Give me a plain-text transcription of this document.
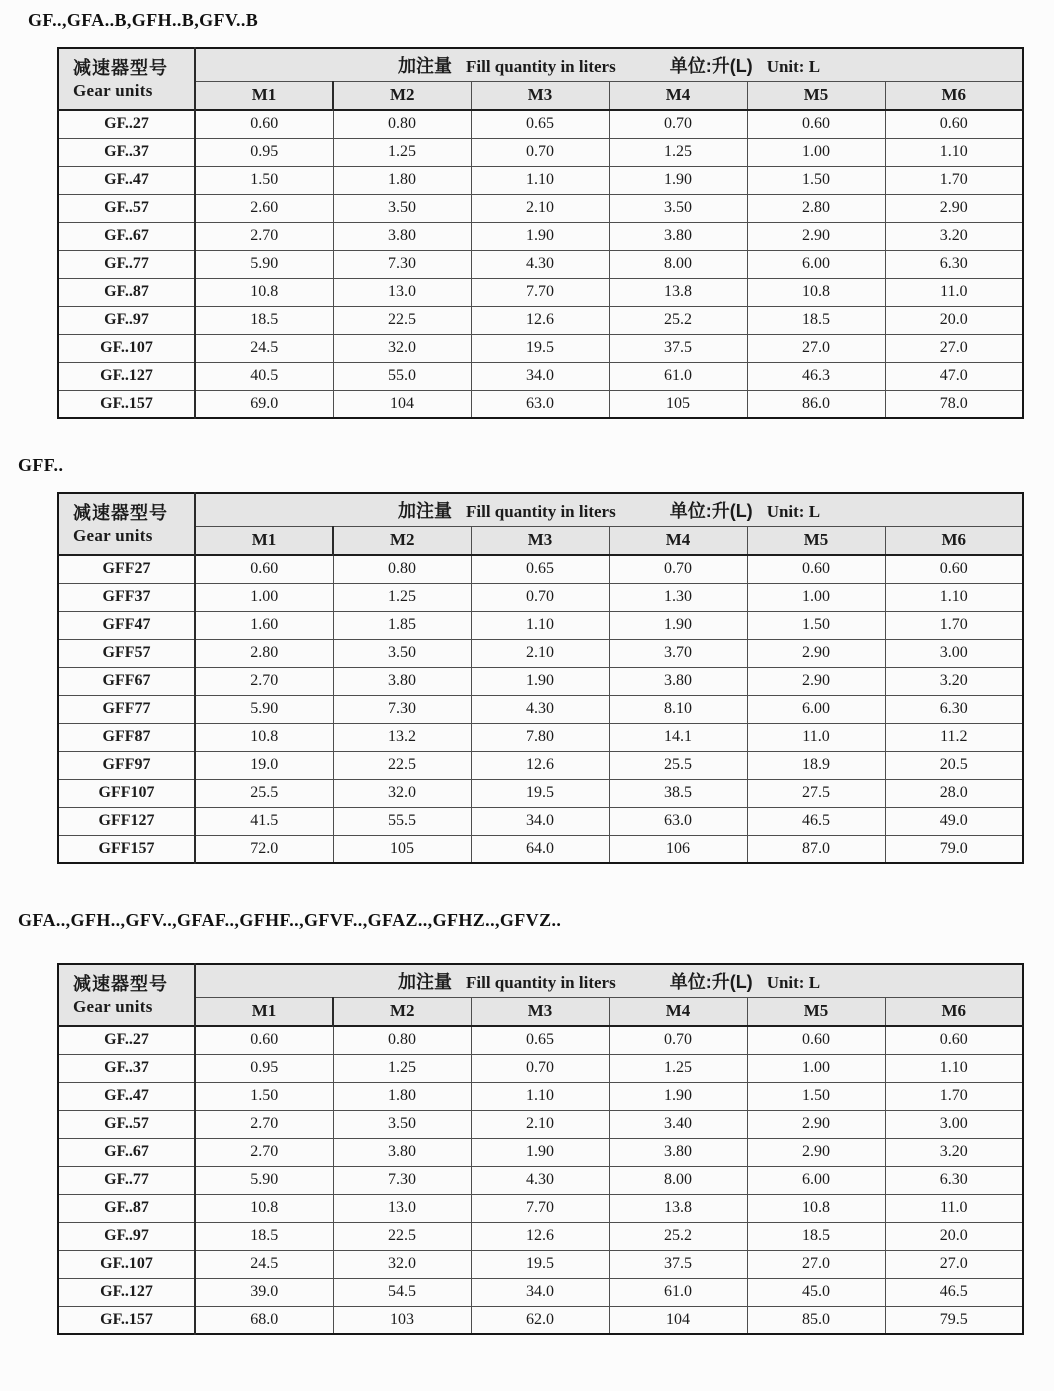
GF..,GFA..B,GFH..B,GFV..B
减速器型号
Gear units

加注量 Fill quantity in liters	单位:升(L) Unit: L

	M1	M2	M3	M4	M5	M6
GF..27	0.60	0.80	0.65	0.70	0.60	0.60
GF..37	0.95	1.25	0.70	1.25	1.00	1.10
GF..47	1.50	1.80	1.10	1.90	1.50	1.70
GF..57	2.60	3.50	2.10	3.50	2.80	2.90
GF..67	2.70	3.80	1.90	3.80	2.90	3.20
GF..77	5.90	7.30	4.30	8.00	6.00	6.30
GF..87	10.8	13.0	7.70	13.8	10.8	11.0
GF..97	18.5	22.5	12.6	25.2	18.5	20.0
GF..107	24.5	32.0	19.5	37.5	27.0	27.0
GF..127	40.5	55.0	34.0	61.0	46.3	47.0
GF..157	69.0	104	63.0	105	86.0	78.0
GFF..
减速器型号
Gear units

加注量 Fill quantity in liters	单位:升(L) Unit: L

	M1	M2	M3	M4	M5	M6
GFF27	0.60	0.80	0.65	0.70	0.60	0.60
GFF37	1.00	1.25	0.70	1.30	1.00	1.10
GFF47	1.60	1.85	1.10	1.90	1.50	1.70
GFF57	2.80	3.50	2.10	3.70	2.90	3.00
GFF67	2.70	3.80	1.90	3.80	2.90	3.20
GFF77	5.90	7.30	4.30	8.10	6.00	6.30
GFF87	10.8	13.2	7.80	14.1	11.0	11.2
GFF97	19.0	22.5	12.6	25.5	18.9	20.5
GFF107	25.5	32.0	19.5	38.5	27.5	28.0
GFF127	41.5	55.5	34.0	63.0	46.5	49.0
GFF157	72.0	105	64.0	106	87.0	79.0
GFA..,GFH..,GFV..,GFAF..,GFHF..,GFVF..,GFAZ..,GFHZ..,GFVZ..
减速器型号
Gear units

加注量 Fill quantity in liters	单位:升(L) Unit: L

	M1	M2	M3	M4	M5	M6
GF..27	0.60	0.80	0.65	0.70	0.60	0.60
GF..37	0.95	1.25	0.70	1.25	1.00	1.10
GF..47	1.50	1.80	1.10	1.90	1.50	1.70
GF..57	2.70	3.50	2.10	3.40	2.90	3.00
GF..67	2.70	3.80	1.90	3.80	2.90	3.20
GF..77	5.90	7.30	4.30	8.00	6.00	6.30
GF..87	10.8	13.0	7.70	13.8	10.8	11.0
GF..97	18.5	22.5	12.6	25.2	18.5	20.0
GF..107	24.5	32.0	19.5	37.5	27.0	27.0
GF..127	39.0	54.5	34.0	61.0	45.0	46.5
GF..157	68.0	103	62.0	104	85.0	79.5
